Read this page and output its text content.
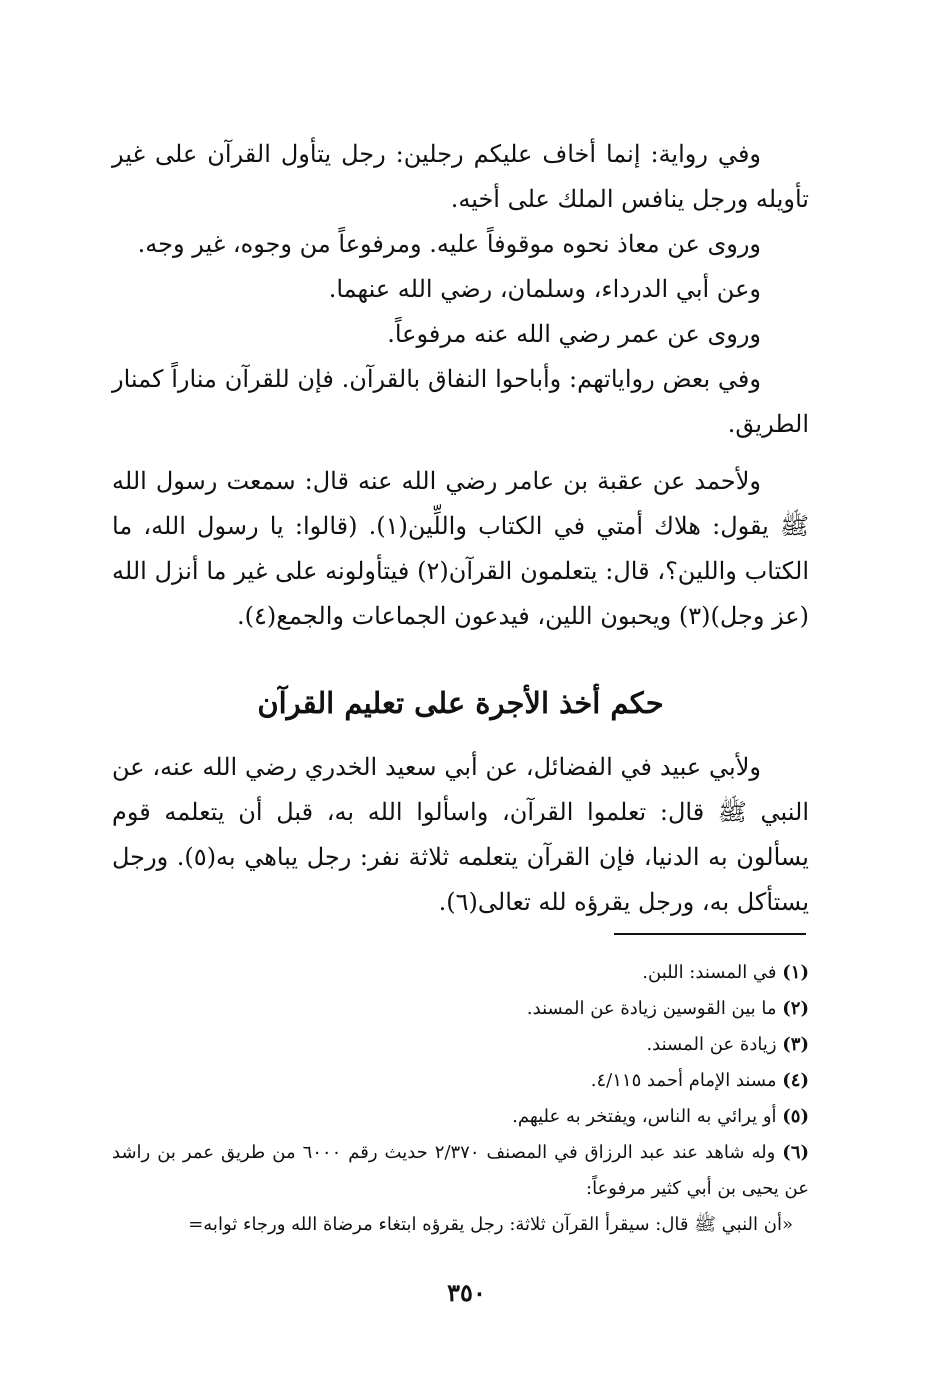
وفي رواية: إنما أخاف عليكم رجلين: رجل يتأول القرآن على غير تأويله ورجل ينافس الملك على أخيه.

وروى عن معاذ نحوه موقوفاً عليه. ومرفوعاً من وجوه، غير وجه.

وعن أبي الدرداء، وسلمان، رضي الله عنهما.

وروى عن عمر رضي الله عنه مرفوعاً.

وفي بعض رواياتهم: وأباحوا النفاق بالقرآن. فإن للقرآن مناراً كمنار الطريق.

ولأحمد عن عقبة بن عامر رضي الله عنه قال: سمعت رسول الله ﷺ يقول: هلاك أمتي في الكتاب واللِّين(١). (قالوا: يا رسول الله، ما الكتاب واللين؟، قال: يتعلمون القرآن(٢) فيتأولونه على غير ما أنزل الله (عز وجل)(٣) ويحبون اللين، فيدعون الجماعات والجمع(٤).

حكم أخذ الأجرة على تعليم القرآن

ولأبي عبيد في الفضائل، عن أبي سعيد الخدري رضي الله عنه، عن النبي ﷺ قال: تعلموا القرآن، واسألوا الله به، قبل أن يتعلمه قوم يسألون به الدنيا، فإن القرآن يتعلمه ثلاثة نفر: رجل يباهي به(٥). ورجل يستأكل به، ورجل يقرؤه لله تعالى(٦).

(١) في المسند: اللبن.

(٢) ما بين القوسين زيادة عن المسند.

(٣) زيادة عن المسند.

(٤) مسند الإمام أحمد ٤/١١٥.

(٥) أو يرائي به الناس، ويفتخر به عليهم.

(٦) وله شاهد عند عبد الرزاق في المصنف ٢/٣٧٠ حديث رقم ٦٠٠٠ من طريق عمر بن راشد عن يحيى بن أبي كثير مرفوعاً:

«أن النبي ﷺ قال: سيقرأ القرآن ثلاثة: رجل يقرؤه ابتغاء مرضاة الله ورجاء ثوابه=

٣٥٠
